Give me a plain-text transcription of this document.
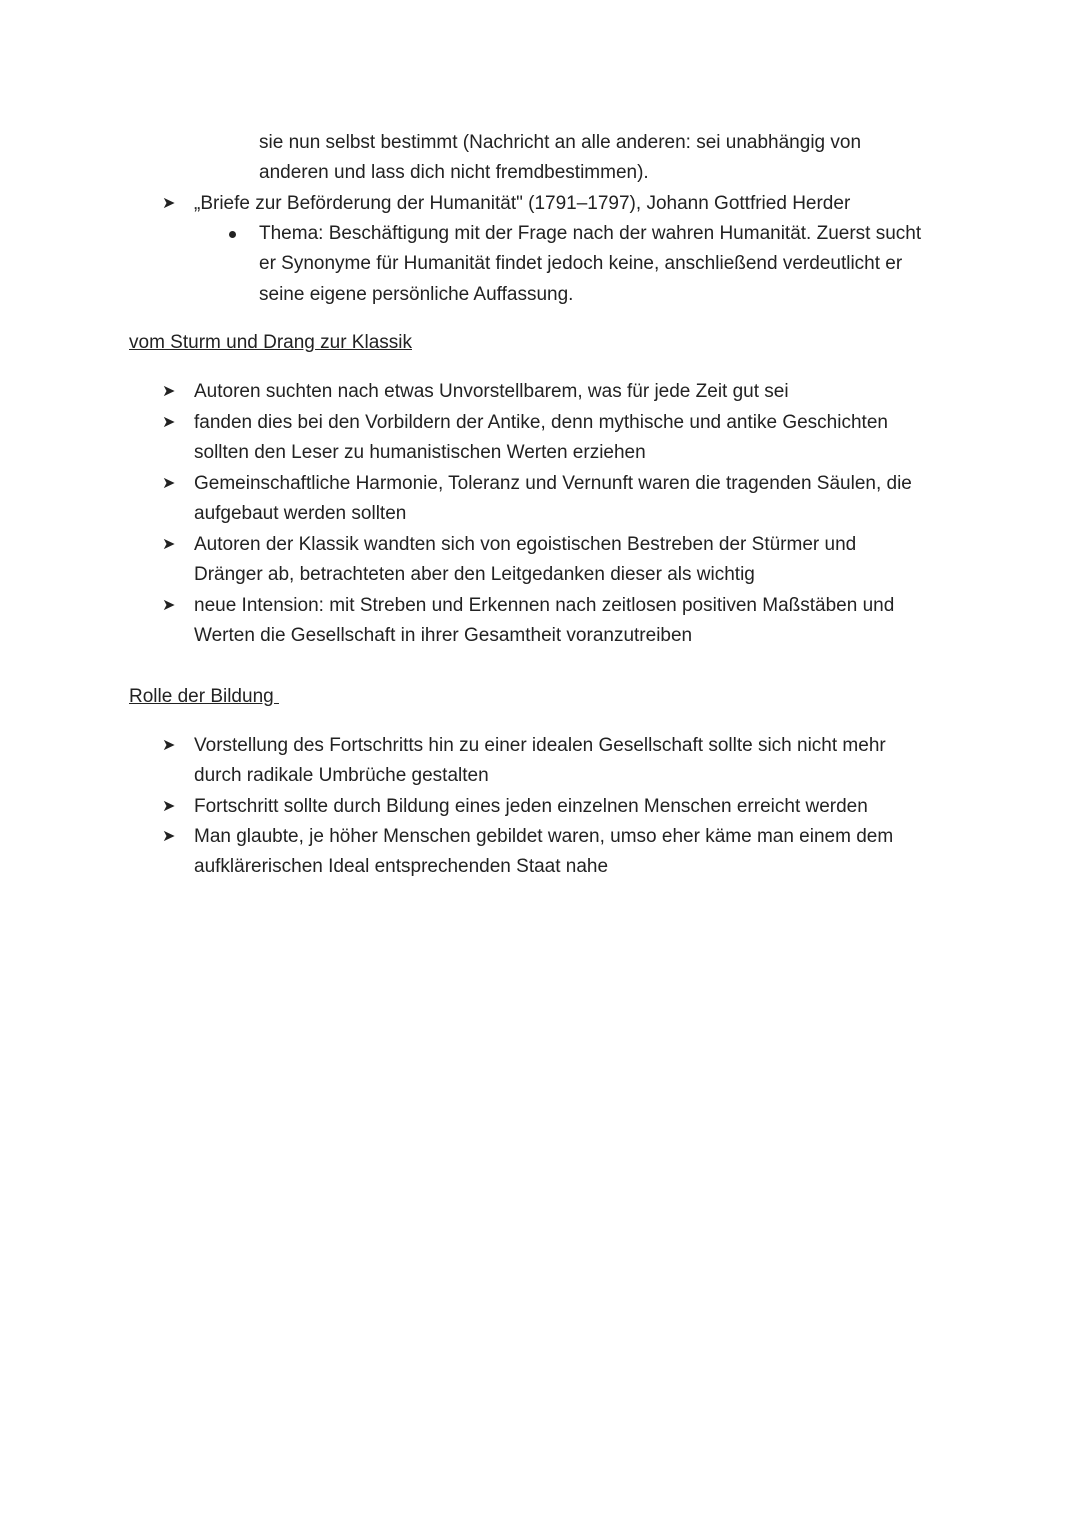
sie nun selbst bestimmt (Nachricht an alle anderen: sei unabhängig von
anderen und lass dich nicht fremdbestimmen).
➤ „Briefe zur Beförderung der Humanität" (1791–1797), Johann Gottfried Herder
Thema: Beschäftigung mit der Frage nach der wahren Humanität. Zuerst sucht
er Synonyme für Humanität findet jedoch keine, anschließend verdeutlicht er
seine eigene persönliche Auffassung.
vom Sturm und Drang zur Klassik
➤ Autoren suchten nach etwas Unvorstellbarem, was für jede Zeit gut sei
➤ fanden dies bei den Vorbildern der Antike, denn mythische und antike Geschichten
sollten den Leser zu humanistischen Werten erziehen
➤ Gemeinschaftliche Harmonie, Toleranz und Vernunft waren die tragenden Säulen, die
aufgebaut werden sollten
➤ Autoren der Klassik wandten sich von egoistischen Bestreben der Stürmer und
Dränger ab, betrachteten aber den Leitgedanken dieser als wichtig
➤ neue Intension: mit Streben und Erkennen nach zeitlosen positiven Maßstäben und
Werten die Gesellschaft in ihrer Gesamtheit voranzutreiben
Rolle der Bildung
➤ Vorstellung des Fortschritts hin zu einer idealen Gesellschaft sollte sich nicht mehr
durch radikale Umbrüche gestalten
➤ Fortschritt sollte durch Bildung eines jeden einzelnen Menschen erreicht werden
➤ Man glaubte, je höher Menschen gebildet waren, umso eher käme man einem dem
aufklärerischen Ideal entsprechenden Staat nahe
